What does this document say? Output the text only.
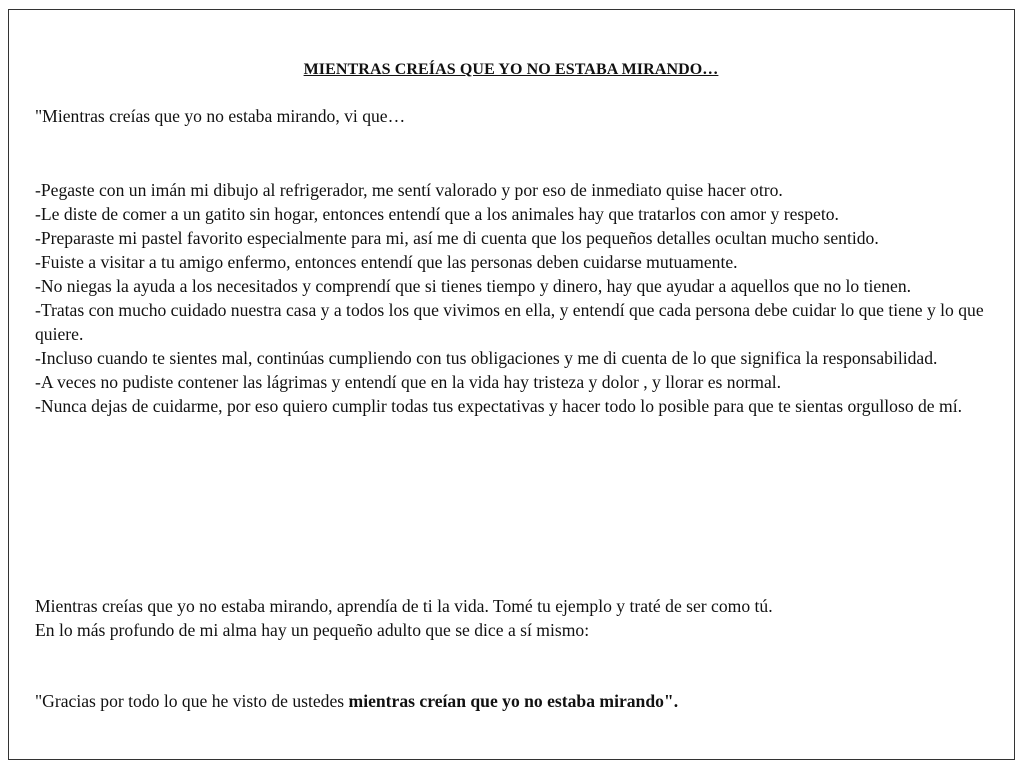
MIENTRAS CREÍAS QUE YO NO ESTABA MIRANDO…
"Mientras creías que yo no estaba mirando, vi que…
-Pegaste con un imán mi dibujo al refrigerador, me sentí valorado y por eso de inmediato quise hacer otro.
-Le diste de comer a un gatito sin hogar, entonces entendí que a los animales hay que tratarlos con amor y respeto.
-Preparaste mi pastel favorito especialmente para mi, así me di cuenta que los pequeños detalles ocultan mucho sentido.
-Fuiste a visitar a tu amigo enfermo, entonces entendí que las personas deben cuidarse mutuamente.
-No niegas la ayuda a los necesitados y comprendí que si tienes tiempo y dinero, hay que ayudar a aquellos que no lo tienen.
-Tratas con mucho cuidado nuestra casa y a todos los que vivimos en ella, y entendí que cada persona debe cuidar lo que tiene y lo que quiere.
-Incluso cuando te sientes mal, continúas cumpliendo con tus obligaciones y me di cuenta de lo que significa la responsabilidad.
-A veces no pudiste contener las lágrimas y entendí que en la vida hay tristeza y dolor , y llorar es normal.
-Nunca dejas de cuidarme, por eso quiero cumplir todas tus expectativas y hacer todo lo posible para que te sientas orgulloso de mí.

Mientras creías que yo no estaba mirando, aprendía de ti la vida. Tomé tu ejemplo y traté de ser como tú.

En lo más profundo de mi alma hay un pequeño adulto que se dice a sí mismo:

"Gracias por todo lo que he visto de ustedes mientras creían que yo no estaba mirando".
